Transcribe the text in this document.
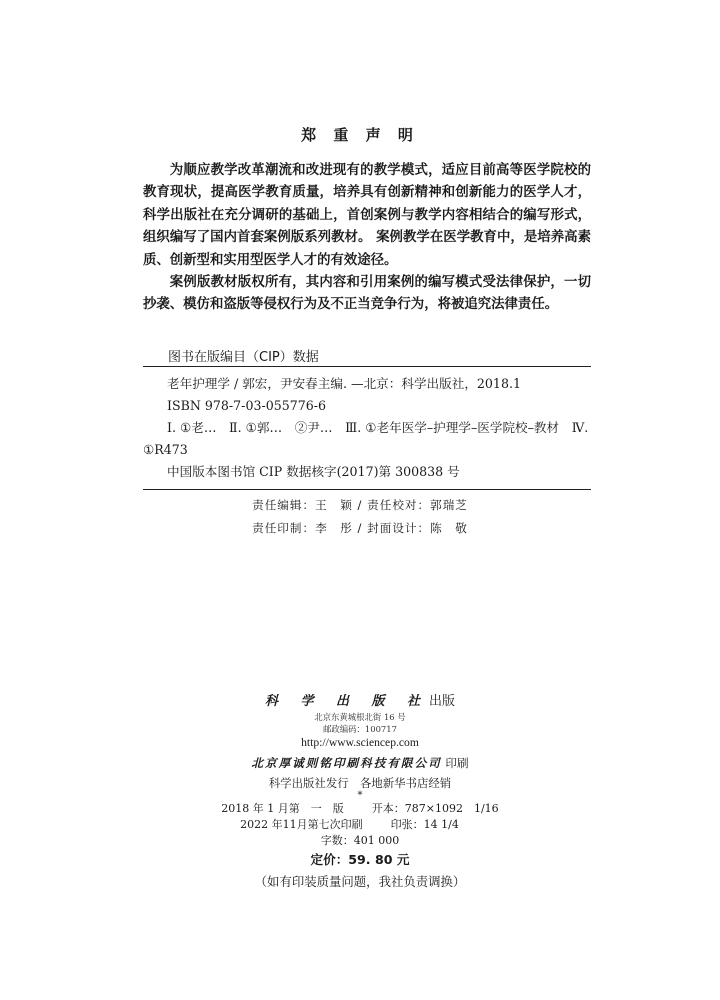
郑 重 声 明

为顺应教学改革潮流和改进现有的教学模式，适应目前高等医学院校的教育现状，提高医学教育质量，培养具有创新精神和创新能力的医学人才，科学出版社在充分调研的基础上，首创案例与教学内容相结合的编写形式，组织编写了国内首套案例版系列教材。 案例教学在医学教育中，是培养高素质、创新型和实用型医学人才的有效途径。

案例版教材版权所有，其内容和引用案例的编写模式受法律保护，一切抄袭、模仿和盗版等侵权行为及不正当竞争行为，将被追究法律责任。

图书在版编目（CIP）数据
老年护理学 / 郭宏，尹安春主编. —北京：科学出版社，2018.1
ISBN 978-7-03-055776-6
Ⅰ. ①老…　Ⅱ. ①郭…　②尹…　Ⅲ. ①老年医学–护理学–医学院校–教材　Ⅳ. ①R473
中国版本图书馆 CIP 数据核字(2017)第 300838 号
责任编辑：王　颖 / 责任校对：郭瑞芝
责任印制：李　彤 / 封面设计：陈　敬
科 学 出 版 社出版
北京东黄城根北街 16 号
邮政编码：100717
http://www.sciencep.com
北京厚诚则铭印刷科技有限公司 印刷
科学出版社发行　各地新华书店经销
*
2018 年 1 月第　一　版	开本：787×1092　1/16
2022 年11月第七次印刷	印张：14 1/4
字数：401 000
定价：59. 80 元
（如有印装质量问题，我社负责调换）
